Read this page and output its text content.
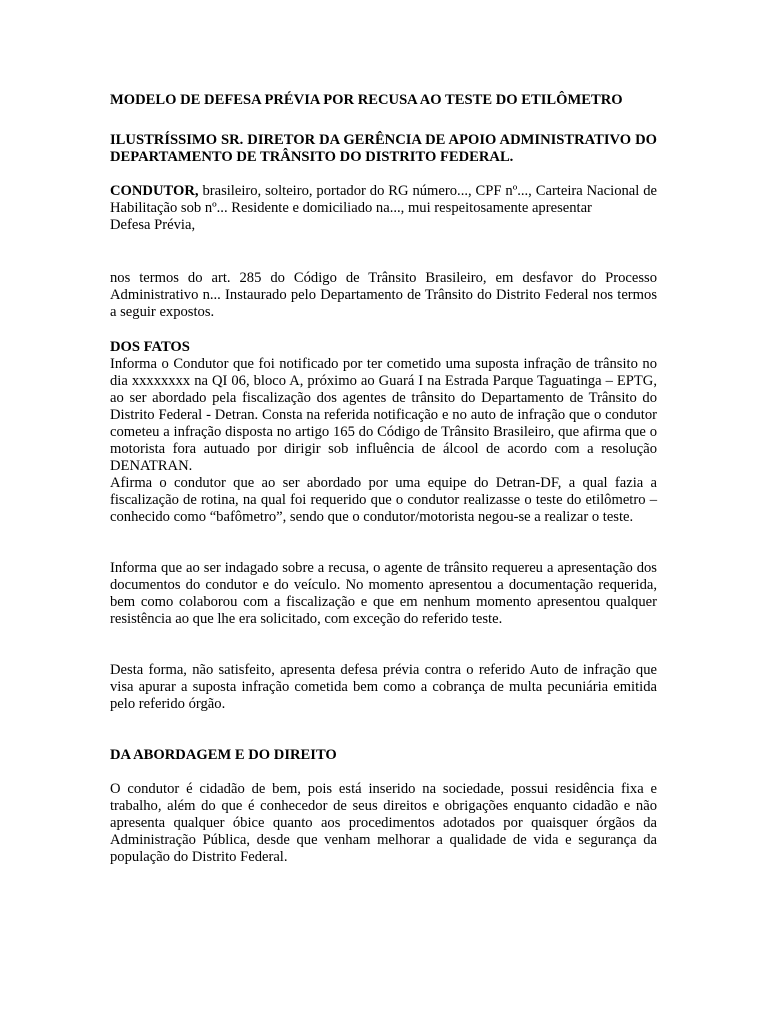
MODELO DE DEFESA PRÉVIA POR RECUSA AO TESTE DO ETILÔMETRO

ILUSTRÍSSIMO SR. DIRETOR DA GERÊNCIA DE APOIO ADMINISTRATIVO DO DEPARTAMENTO DE TRÂNSITO DO DISTRITO FEDERAL.

CONDUTOR, brasileiro, solteiro, portador do RG número..., CPF nº..., Carteira Nacional de Habilitação sob nº... Residente e domiciliado na..., mui respeitosamente apresentar

Defesa Prévia,

nos termos do art. 285 do Código de Trânsito Brasileiro, em desfavor do Processo Administrativo n... Instaurado pelo Departamento de Trânsito do Distrito Federal nos termos a seguir expostos.

DOS FATOS

Informa o Condutor que foi notificado por ter cometido uma suposta infração de trânsito no dia xxxxxxxx na QI 06, bloco A, próximo ao Guará I na Estrada Parque Taguatinga – EPTG, ao ser abordado pela fiscalização dos agentes de trânsito do Departamento de Trânsito do Distrito Federal - Detran. Consta na referida notificação e no auto de infração que o condutor cometeu a infração disposta no artigo 165 do Código de Trânsito Brasileiro, que afirma que o motorista fora autuado por dirigir sob influência de álcool de acordo com a resolução DENATRAN.

Afirma o condutor que ao ser abordado por uma equipe do Detran-DF, a qual fazia a fiscalização de rotina, na qual foi requerido que o condutor realizasse o teste do etilômetro – conhecido como “bafômetro”, sendo que o condutor/motorista negou-se a realizar o teste.

Informa que ao ser indagado sobre a recusa, o agente de trânsito requereu a apresentação dos documentos do condutor e do veículo. No momento apresentou a documentação requerida, bem como colaborou com a fiscalização e que em nenhum momento apresentou qualquer resistência ao que lhe era solicitado, com exceção do referido teste.

Desta forma, não satisfeito, apresenta defesa prévia contra o referido Auto de infração que visa apurar a suposta infração cometida bem como a cobrança de multa pecuniária emitida pelo referido órgão.

DA ABORDAGEM E DO DIREITO

O condutor é cidadão de bem, pois está inserido na sociedade, possui residência fixa e trabalho, além do que é conhecedor de seus direitos e obrigações enquanto cidadão e não apresenta qualquer óbice quanto aos procedimentos adotados por quaisquer órgãos da Administração Pública, desde que venham melhorar a qualidade de vida e segurança da população do Distrito Federal.
